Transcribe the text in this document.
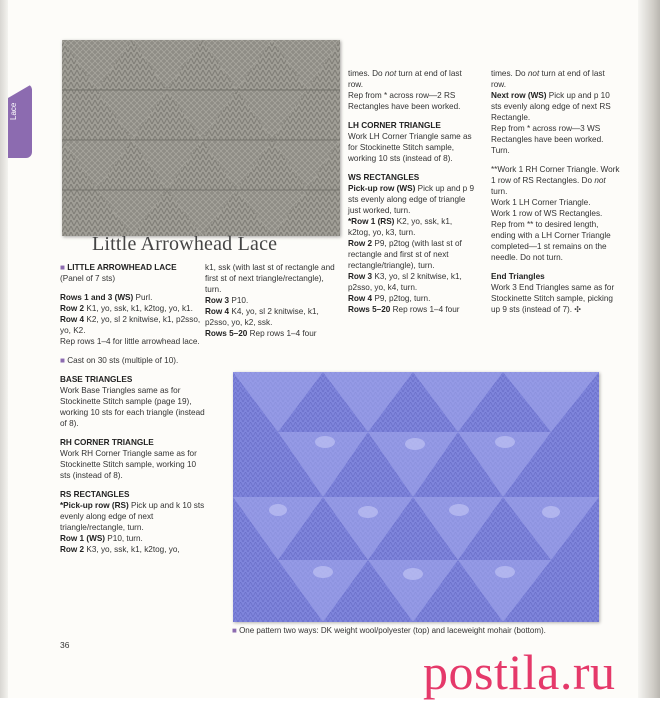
Lace
Little Arrowhead Lace

■ LITTLE ARROWHEAD LACE
(Panel of 7 sts)

Rows 1 and 3 (WS) Purl.
Row 2 K1, yo, ssk, k1, k2tog, yo, k1.
Row 4 K2, yo, sl 2 knitwise, k1, p2sso, yo, K2.
Rep rows 1–4 for little arrowhead lace.

■ Cast on 30 sts (multiple of 10).

BASE TRIANGLES
Work Base Triangles same as for Stockinette Stitch sample (page 19), working 10 sts for each triangle (instead of 8).

RH CORNER TRIANGLE
Work RH Corner Triangle same as for Stockinette Stitch sample, working 10 sts (instead of 8).

RS RECTANGLES
*Pick-up row (RS) Pick up and k 10 sts evenly along edge of next triangle/rectangle, turn.
Row 1 (WS) P10, turn.
Row 2 K3, yo, ssk, k1, k2tog, yo,

k1, ssk (with last st of rectangle and first st of next triangle/rectangle), turn.
Row 3 P10.
Row 4 K4, yo, sl 2 knitwise, k1, p2sso, yo, k2, ssk.
Rows 5–20 Rep rows 1–4 four

times. Do not turn at end of last row.
Rep from * across row—2 RS Rectangles have been worked.

LH CORNER TRIANGLE
Work LH Corner Triangle same as for Stockinette Stitch sample, working 10 sts (instead of 8).

WS RECTANGLES
Pick-up row (WS) Pick up and p 9 sts evenly along edge of triangle just worked, turn.
*Row 1 (RS) K2, yo, ssk, k1, k2tog, yo, k3, turn.
Row 2 P9, p2tog (with last st of rectangle and first st of next rectangle/triangle), turn.
Row 3 K3, yo, sl 2 knitwise, k1, p2sso, yo, k4, turn.
Row 4 P9, p2tog, turn.
Rows 5–20 Rep rows 1–4 four

times. Do not turn at end of last row.
Next row (WS) Pick up and p 10 sts evenly along edge of next RS Rectangle.
Rep from * across row—3 WS Rectangles have been worked. Turn.

**Work 1 RH Corner Triangle. Work 1 row of RS Rectangles. Do not turn.
Work 1 LH Corner Triangle.
Work 1 row of WS Rectangles.
Rep from ** to desired length, ending with a LH Corner Triangle completed—1 st remains on the needle. Do not turn.

End Triangles
Work 3 End Triangles same as for Stockinette Stitch sample, picking up 9 sts (instead of 7). ✣

■ One pattern two ways: DK weight wool/polyester (top) and laceweight mohair (bottom).
36	postila.ru
